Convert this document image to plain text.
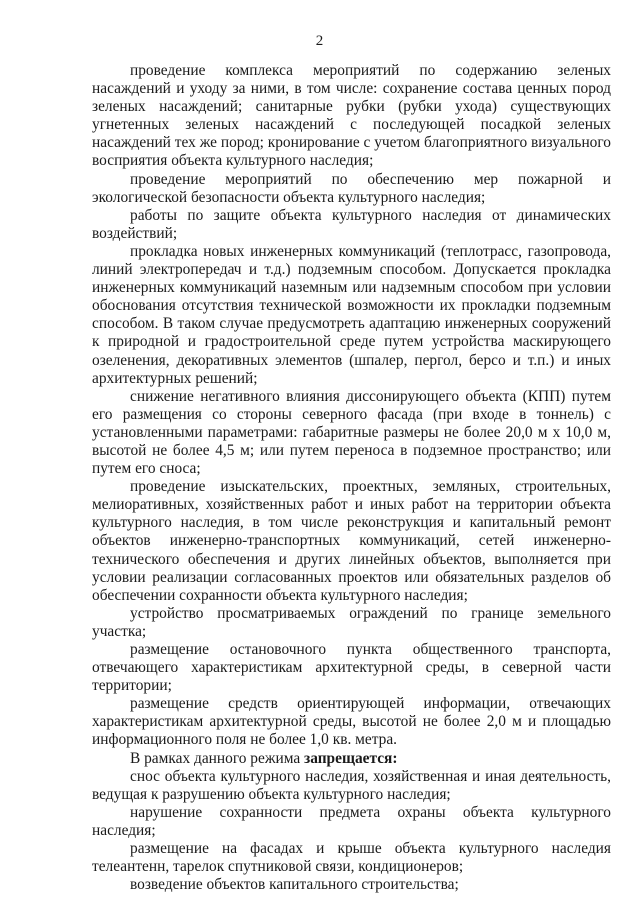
2

проведение комплекса мероприятий по содержанию зеленых насаждений и уходу за ними, в том числе: сохранение состава ценных пород зеленых насаждений; санитарные рубки (рубки ухода) существующих угнетенных зеленых насаждений с последующей посадкой зеленых насаждений тех же пород; кронирование с учетом благоприятного визуального восприятия объекта культурного наследия;

проведение мероприятий по обеспечению мер пожарной и экологической безопасности объекта культурного наследия;

работы по защите объекта культурного наследия от динамических воздействий;

прокладка новых инженерных коммуникаций (теплотрасс, газопровода, линий электропередач и т.д.) подземным способом. Допускается прокладка инженерных коммуникаций наземным или надземным способом при условии обоснования отсутствия технической возможности их прокладки подземным способом. В таком случае предусмотреть адаптацию инженерных сооружений к природной и градостроительной среде путем устройства маскирующего озеленения, декоративных элементов (шпалер, пергол, берсо и т.п.) и иных архитектурных решений;

снижение негативного влияния диссонирующего объекта (КПП) путем его размещения со стороны северного фасада (при входе в тоннель) с установленными параметрами: габаритные размеры не более 20,0 м х 10,0 м, высотой не более 4,5 м; или путем переноса в подземное пространство; или путем его сноса;

проведение изыскательских, проектных, земляных, строительных, мелиоративных, хозяйственных работ и иных работ на территории объекта культурного наследия, в том числе реконструкция и капитальный ремонт объектов инженерно-транспортных коммуникаций, сетей инженерно-технического обеспечения и других линейных объектов, выполняется при условии реализации согласованных проектов или обязательных разделов об обеспечении сохранности объекта культурного наследия;

устройство просматриваемых ограждений по границе земельного участка;

размещение остановочного пункта общественного транспорта, отвечающего характеристикам архитектурной среды, в северной части территории;

размещение средств ориентирующей информации, отвечающих характеристикам архитектурной среды, высотой не более 2,0 м и площадью информационного поля не более 1,0 кв. метра.

В рамках данного режима запрещается:

снос объекта культурного наследия, хозяйственная и иная деятельность, ведущая к разрушению объекта культурного наследия;

нарушение сохранности предмета охраны объекта культурного наследия;

размещение на фасадах и крыше объекта культурного наследия телеантенн, тарелок спутниковой связи, кондиционеров;

возведение объектов капитального строительства;
